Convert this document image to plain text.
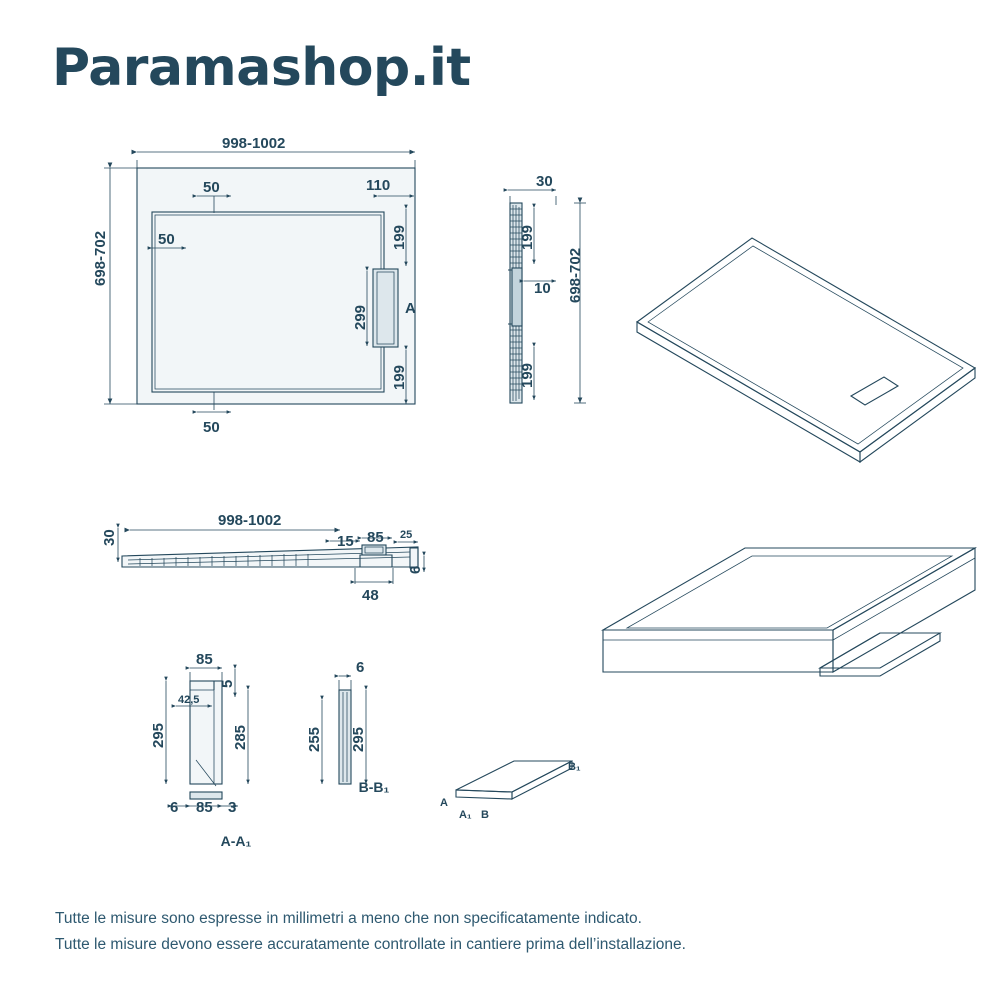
Paramashop.it
998-1002
50	110
50
50
698-702	199
199
299 A
30
199
10
199
698-702
30
998-1002
15 85 25
6
48
85
5
42,5
295	285
6 85 3
A-A₁
6
255 295
B-B₁
A
A₁ B
B₁
Tutte le misure sono espresse in millimetri a meno che non specificatamente indicato.
Tutte le misure devono essere accuratamente controllate in cantiere prima dell’installazione.
